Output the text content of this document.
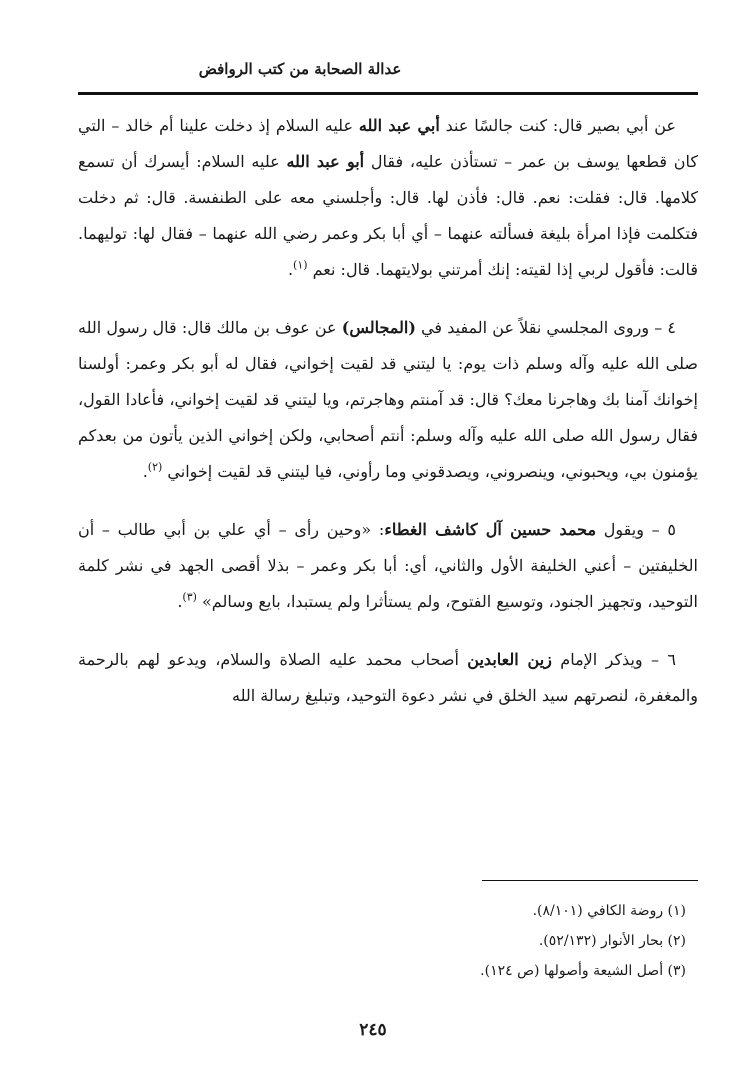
عدالة الصحابة من كتب الروافض

عن أبي بصير قال: كنت جالسًا عند أبي عبد الله عليه السلام إذ دخلت علينا أم خالد – التي كان قطعها يوسف بن عمر – تستأذن عليه، فقال أبو عبد الله عليه السلام: أيسرك أن تسمع كلامها. قال: فقلت: نعم. قال: فأذن لها. قال: وأجلسني معه على الطنفسة. قال: ثم دخلت فتكلمت فإذا امرأة بليغة فسألته عنهما – أي أبا بكر وعمر رضي الله عنهما – فقال لها: توليهما. قالت: فأقول لربي إذا لقيته: إنك أمرتني بولايتهما. قال: نعم $^{(١)}$.

٤ – وروى المجلسي نقلاً عن المفيد في (المجالس) عن عوف بن مالك قال: قال رسول الله صلى الله عليه وآله وسلم ذات يوم: يا ليتني قد لقيت إخواني، فقال له أبو بكر وعمر: أولسنا إخوانك آمنا بك وهاجرنا معك؟ قال: قد آمنتم وهاجرتم، ويا ليتني قد لقيت إخواني، فأعادا القول، فقال رسول الله صلى الله عليه وآله وسلم: أنتم أصحابي، ولكن إخواني الذين يأتون من بعدكم يؤمنون بي، ويحبوني، وينصروني، ويصدقوني وما رأوني، فيا ليتني قد لقيت إخواني $^{(٢)}$.

٥ – ويقول محمد حسين آل كاشف الغطاء: «وحين رأى – أي علي بن أبي طالب – أن الخليفتين – أعني الخليفة الأول والثاني، أي: أبا بكر وعمر – بذلا أقصى الجهد في نشر كلمة التوحيد، وتجهيز الجنود، وتوسيع الفتوح، ولم يستأثرا ولم يستبدا، بايع وسالم» $^{(٣)}$.

٦ – ويذكر الإمام زين العابدين أصحاب محمد عليه الصلاة والسلام، ويدعو لهم بالرحمة والمغفرة، لنصرتهم سيد الخلق في نشر دعوة التوحيد، وتبليغ رسالة الله

(١) روضة الكافي (٨/١٠١).
(٢) بحار الأنوار (٥٢/١٣٢).
(٣) أصل الشيعة وأصولها (ص ١٢٤).
٢٤٥
